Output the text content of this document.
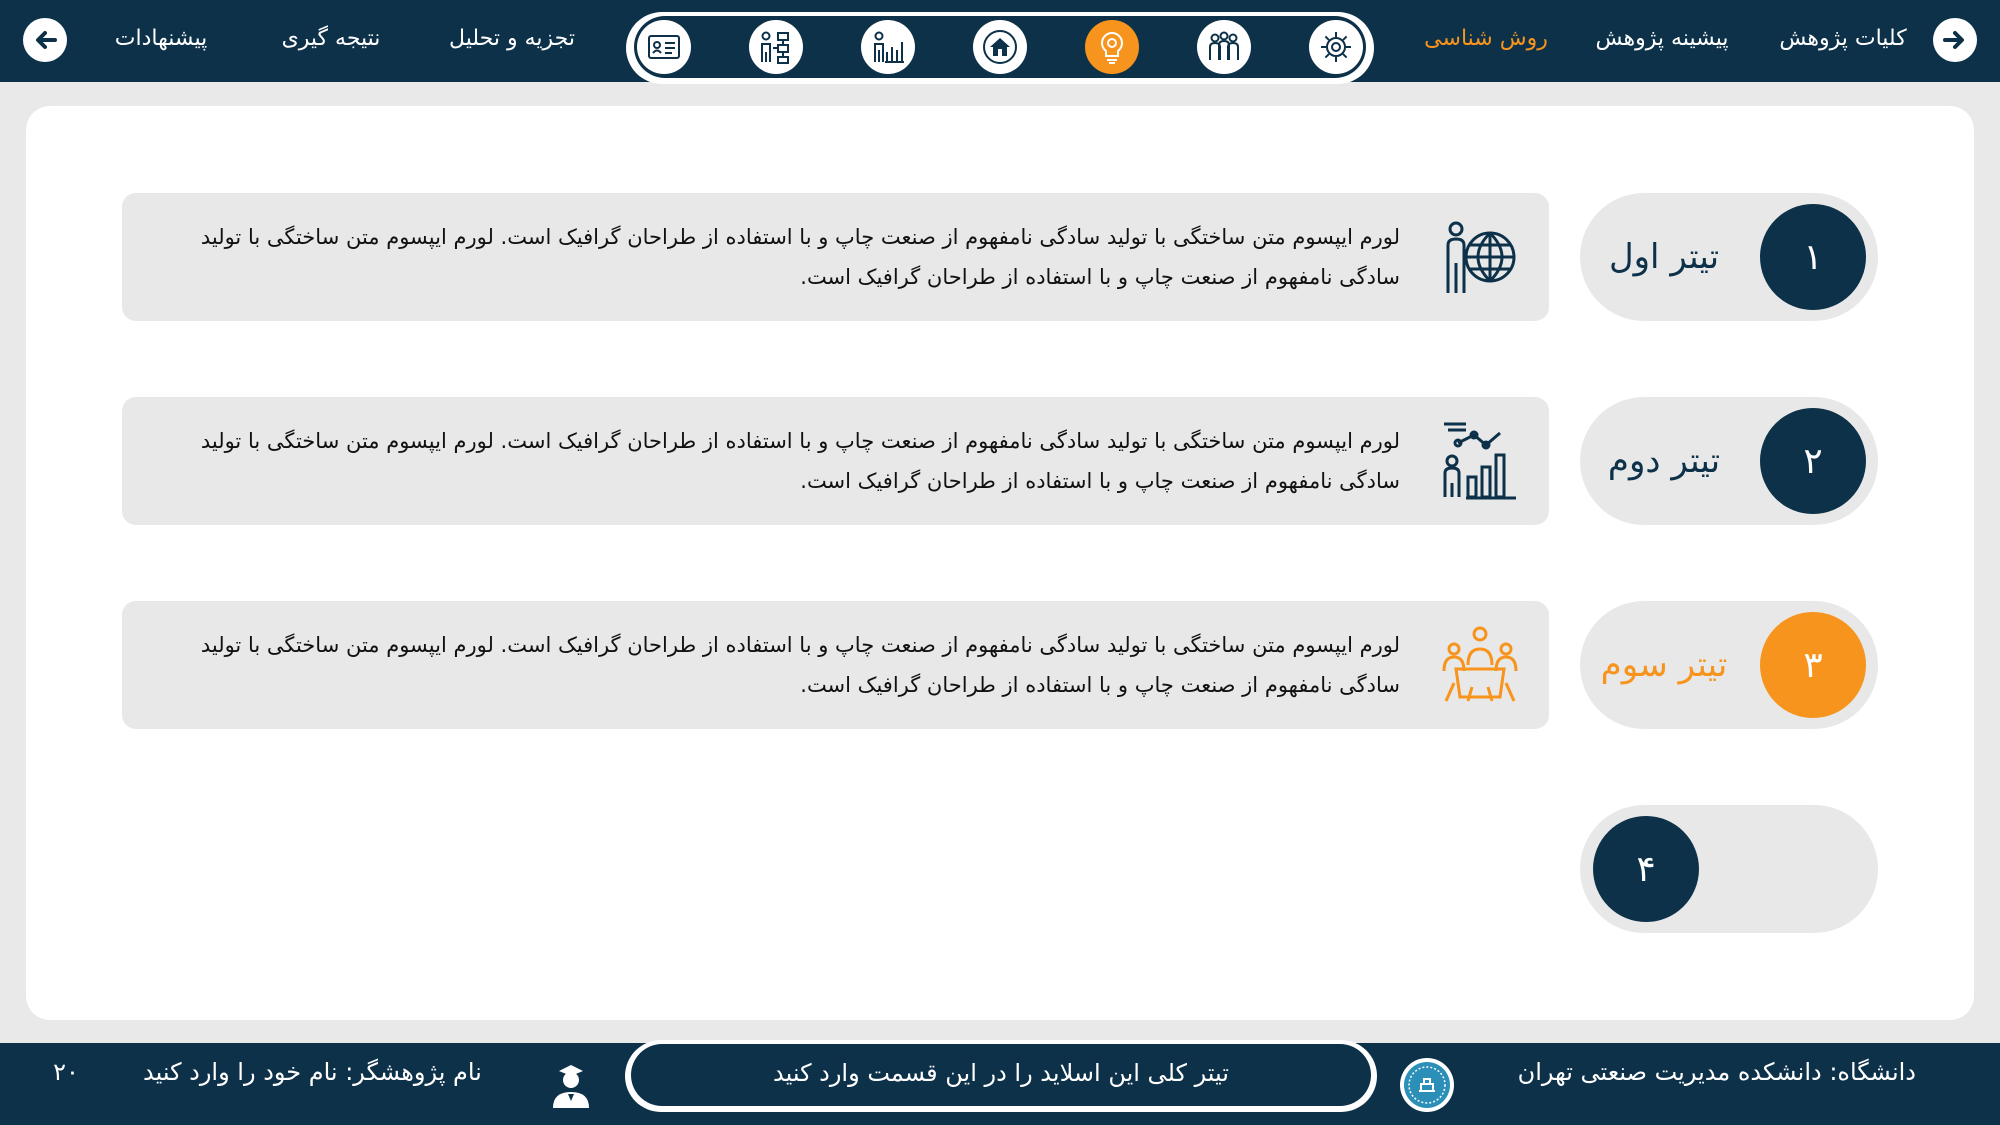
کلیات پژوهش
پیشینه پژوهش
روش شناسی
تجزیه و تحلیل
نتیجه گیری
پیشنهادات
لورم ایپسوم متن ساختگی با تولید سادگی نامفهوم از صنعت چاپ و با استفاده از طراحان گرافیک است. لورم ایپسوم متن ساختگی با تولید سادگی نامفهوم از صنعت چاپ و با استفاده از طراحان گرافیک است.	تیتر اول	۱
لورم ایپسوم متن ساختگی با تولید سادگی نامفهوم از صنعت چاپ و با استفاده از طراحان گرافیک است. لورم ایپسوم متن ساختگی با تولید سادگی نامفهوم از صنعت چاپ و با استفاده از طراحان گرافیک است.	تیتر دوم	۲
لورم ایپسوم متن ساختگی با تولید سادگی نامفهوم از صنعت چاپ و با استفاده از طراحان گرافیک است. لورم ایپسوم متن ساختگی با تولید سادگی نامفهوم از صنعت چاپ و با استفاده از طراحان گرافیک است.	تیتر سوم	۳
۴
تیتر کلی این اسلاید را در این قسمت وارد کنید	دانشگاه: دانشکده مدیریت صنعتی تهران
نام پژوهشگر: نام خود را وارد کنید
۲۰
